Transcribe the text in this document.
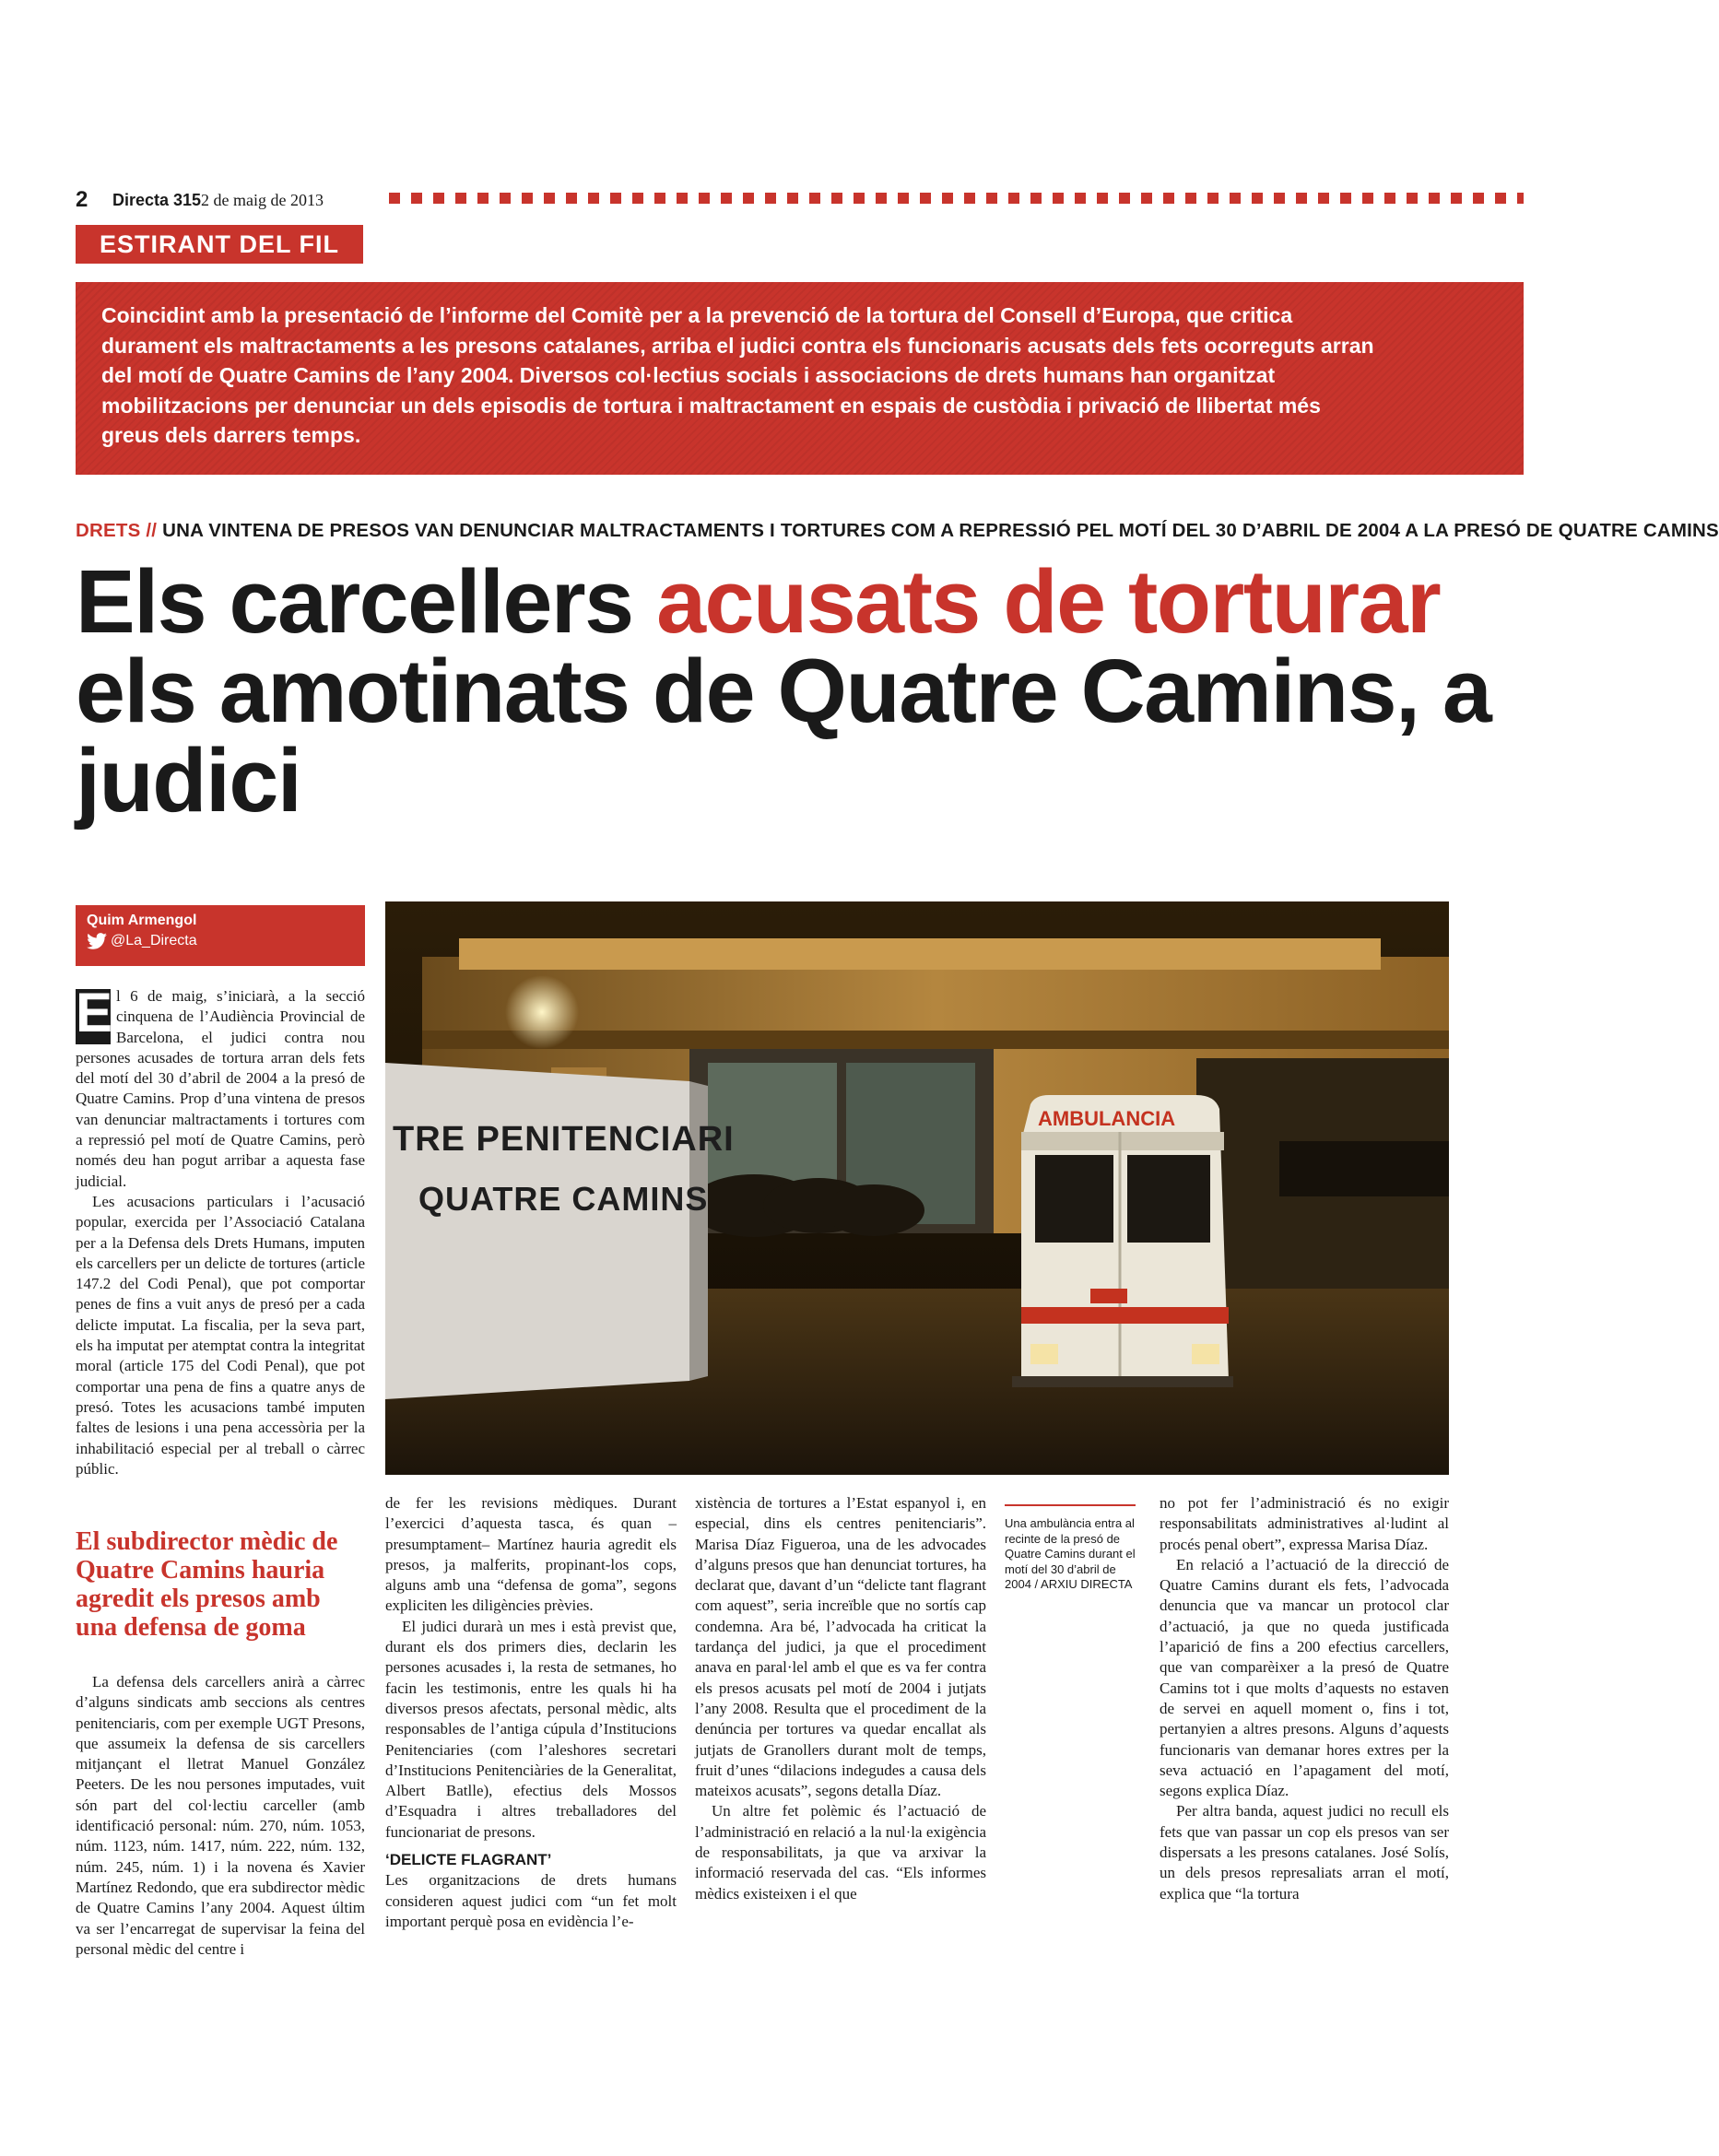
2 Directa 315 2 de maig de 2013
ESTIRANT DEL FIL
Coincidint amb la presentació de l’informe del Comitè per a la prevenció de la tortura del Consell d’Europa, que critica durament els maltractaments a les presons catalanes, arriba el judici contra els funcionaris acusats dels fets ocorreguts arran del motí de Quatre Camins de l’any 2004. Diversos col·lectius socials i associacions de drets humans han organitzat mobilitzacions per denunciar un dels episodis de tortura i maltractament en espais de custòdia i privació de llibertat més greus dels darrers temps.
DRETS // UNA VINTENA DE PRESOS VAN DENUNCIAR MALTRACTAMENTS I TORTURES COM A REPRESSIÓ PEL MOTÍ DEL 30 D’ABRIL DE 2004 A LA PRESÓ DE QUATRE CAMINS
Els carcellers acusats de torturar els amotinats de Quatre Camins, a judici
Quim Armengol
@La_Directa
TRE PENITENCIARI
QUATRE CAMINS
AMBULANCIA
Una ambulància entra al recinte de la presó de Quatre Camins durant el motí del 30 d’abril de 2004 / ARXIU DIRECTA

E l 6 de maig, s’iniciarà, a la secció cinquena de l’Audiència Provincial de Barcelona, el judici contra nou persones acusades de tortura arran dels fets del motí del 30 d’abril de 2004 a la presó de Quatre Camins. Prop d’una vintena de presos van denunciar maltractaments i tortures com a repressió pel motí de Quatre Camins, però només deu han pogut arribar a aquesta fase judicial.

Les acusacions particulars i l’acusació popular, exercida per l’Associació Catalana per a la Defensa dels Drets Humans, imputen els carcellers per un delicte de tortures (article 147.2 del Codi Penal), que pot comportar penes de fins a vuit anys de presó per a cada delicte imputat. La fiscalia, per la seva part, els ha imputat per atemptat contra la integritat moral (article 175 del Codi Penal), que pot comportar una pena de fins a quatre anys de presó. Totes les acusacions també imputen faltes de lesions i una pena accessòria per la inhabilitació especial per al treball o càrrec públic.

El subdirector mèdic de Quatre Camins hauria agredit els presos amb una defensa de goma

La defensa dels carcellers anirà a càrrec d’alguns sindicats amb seccions als centres penitenciaris, com per exemple UGT Presons, que assumeix la defensa de sis carcellers mitjançant el lletrat Manuel González Peeters. De les nou persones imputades, vuit són part del col·lectiu carceller (amb identificació personal: núm. 270, núm. 1053, núm. 1123, núm. 1417, núm. 222, núm. 132, núm. 245, núm. 1) i la novena és Xavier Martínez Redondo, que era subdirector mèdic de Quatre Camins l’any 2004. Aquest últim va ser l’encarregat de supervisar la feina del personal mèdic del centre i

de fer les revisions mèdiques. Durant l’exercici d’aquesta tasca, és quan –presumptament– Martínez hauria agredit els presos, ja malferits, propinant-los cops, alguns amb una “defensa de goma”, segons expliciten les diligències prèvies.

El judici durarà un mes i està previst que, durant els dos primers dies, declarin les persones acusades i, la resta de setmanes, ho facin les testimonis, entre les quals hi ha diversos presos afectats, personal mèdic, alts responsables de l’antiga cúpula d’Institucions Penitenciaries (com l’aleshores secretari d’Institucions Penitenciàries de la Generalitat, Albert Batlle), efectius dels Mossos d’Esquadra i altres treballadores del funcionariat de presons.

‘DELICTE FLAGRANT’

Les organitzacions de drets humans consideren aquest judici com “un fet molt important perquè posa en evidència l’e-

xistència de tortures a l’Estat espanyol i, en especial, dins els centres penitenciaris”. Marisa Díaz Figueroa, una de les advocades d’alguns presos que han denunciat tortures, ha declarat que, davant d’un “delicte tant flagrant com aquest”, seria increïble que no sortís cap condemna. Ara bé, l’advocada ha criticat la tardança del judici, ja que el procediment anava en paral·lel amb el que es va fer contra els presos acusats pel motí de 2004 i jutjats l’any 2008. Resulta que el procediment de la denúncia per tortures va quedar encallat als jutjats de Granollers durant molt de temps, fruit d’unes “dilacions indegudes a causa dels mateixos acusats”, segons detalla Díaz.

Un altre fet polèmic és l’actuació de l’administració en relació a la nul·la exigència de responsabilitats, ja que va arxivar la informació reservada del cas. “Els informes mèdics existeixen i el que

no pot fer l’administració és no exigir responsabilitats administratives al·ludint al procés penal obert”, expressa Marisa Díaz.

En relació a l’actuació de la direcció de Quatre Camins durant els fets, l’advocada denuncia que va mancar un protocol clar d’actuació, ja que no queda justificada l’aparició de fins a 200 efectius carcellers, que van comparèixer a la presó de Quatre Camins tot i que molts d’aquests no estaven de servei en aquell moment o, fins i tot, pertanyien a altres presons. Alguns d’aquests funcionaris van demanar hores extres per la seva actuació en l’apagament del motí, segons explica Díaz.

Per altra banda, aquest judici no recull els fets que van passar un cop els presos van ser dispersats a les presons catalanes. José Solís, un dels presos represaliats arran el motí, explica que “la tortura
